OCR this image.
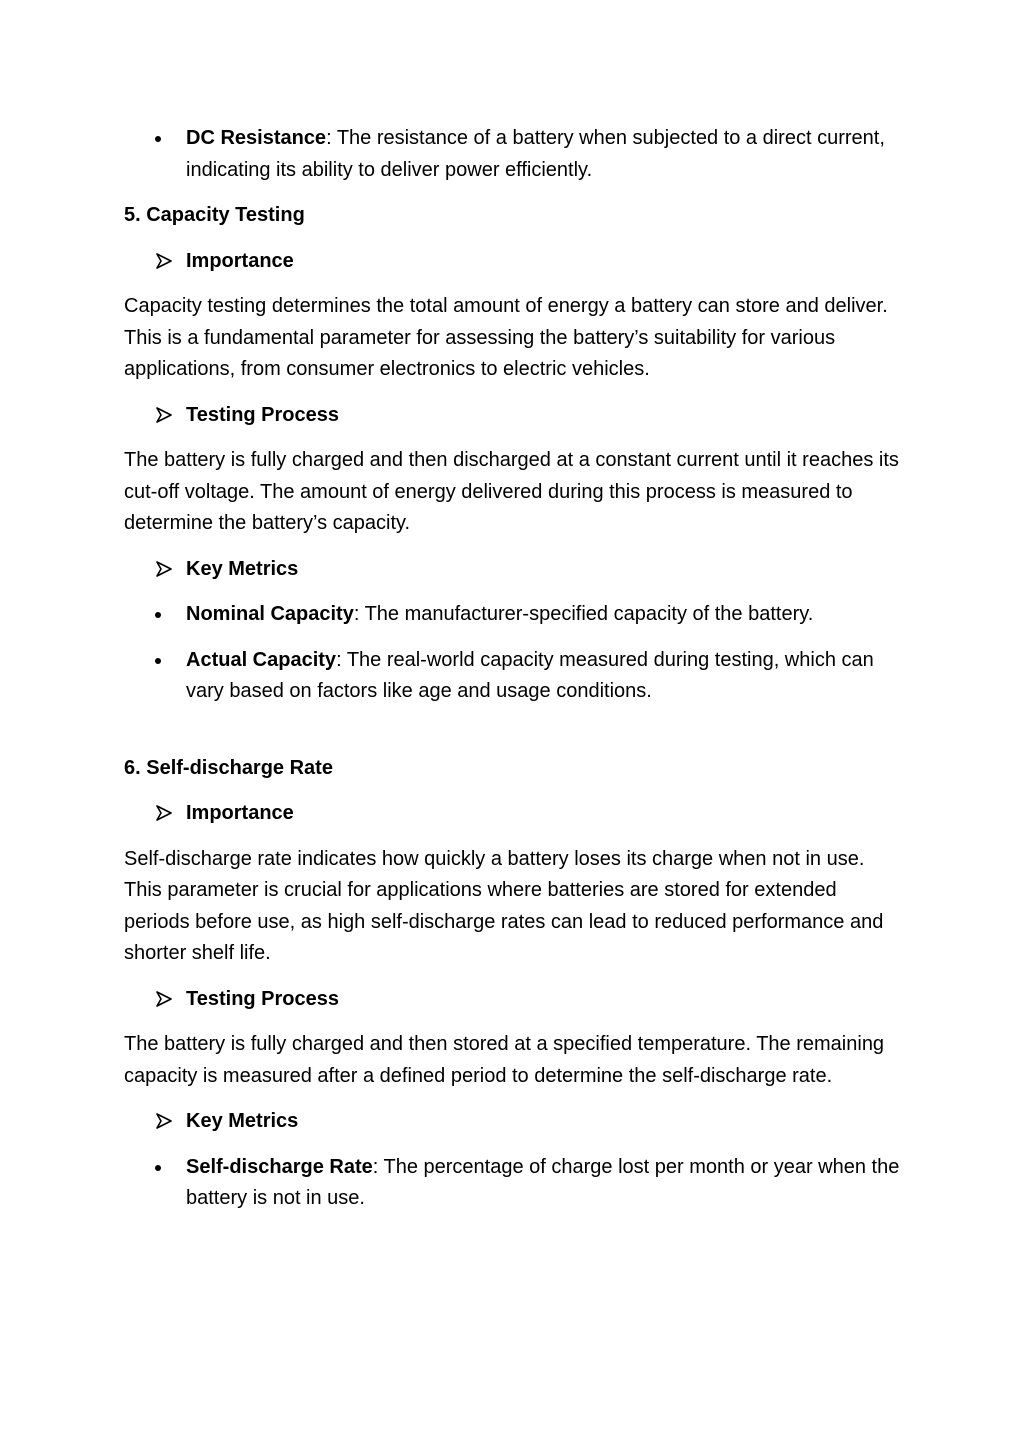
DC Resistance: The resistance of a battery when subjected to a direct current, indicating its ability to deliver power efficiently.
5. Capacity Testing
Importance
Capacity testing determines the total amount of energy a battery can store and deliver. This is a fundamental parameter for assessing the battery’s suitability for various applications, from consumer electronics to electric vehicles.
Testing Process
The battery is fully charged and then discharged at a constant current until it reaches its cut-off voltage. The amount of energy delivered during this process is measured to determine the battery’s capacity.
Key Metrics
Nominal Capacity: The manufacturer-specified capacity of the battery.
Actual Capacity: The real-world capacity measured during testing, which can vary based on factors like age and usage conditions.
6. Self-discharge Rate
Importance
Self-discharge rate indicates how quickly a battery loses its charge when not in use. This parameter is crucial for applications where batteries are stored for extended periods before use, as high self-discharge rates can lead to reduced performance and shorter shelf life.
Testing Process
The battery is fully charged and then stored at a specified temperature. The remaining capacity is measured after a defined period to determine the self-discharge rate.
Key Metrics
Self-discharge Rate: The percentage of charge lost per month or year when the battery is not in use.
